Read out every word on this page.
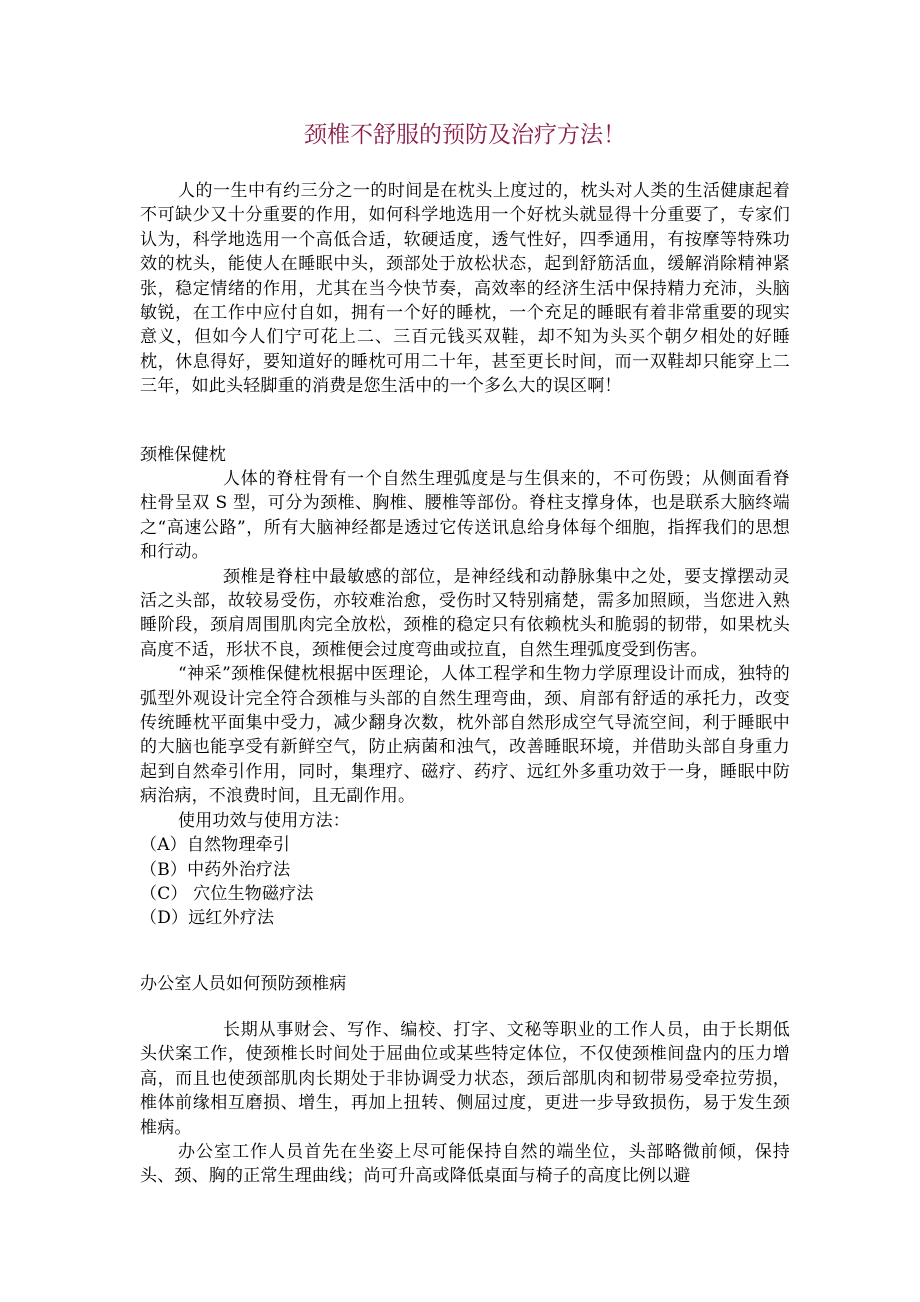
颈椎不舒服的预防及治疗方法！

人的一生中有约三分之一的时间是在枕头上度过的，枕头对人类的生活健康起着不可缺少又十分重要的作用，如何科学地选用一个好枕头就显得十分重要了，专家们认为，科学地选用一个高低合适，软硬适度，透气性好，四季通用，有按摩等特殊功效的枕头，能使人在睡眠中头，颈部处于放松状态，起到舒筋活血，缓解消除精神紧张，稳定情绪的作用，尤其在当今快节奏，高效率的经济生活中保持精力充沛，头脑敏锐，在工作中应付自如，拥有一个好的睡枕，一个充足的睡眠有着非常重要的现实意义，但如今人们宁可花上二、三百元钱买双鞋，却不知为头买个朝夕相处的好睡枕，休息得好，要知道好的睡枕可用二十年，甚至更长时间，而一双鞋却只能穿上二三年，如此头轻脚重的消费是您生活中的一个多么大的误区啊！

颈椎保健枕

人体的脊柱骨有一个自然生理弧度是与生俱来的，不可伤毁；从侧面看脊柱骨呈双 S 型，可分为颈椎、胸椎、腰椎等部份。脊柱支撑身体，也是联系大脑终端之“高速公路”，所有大脑神经都是透过它传送讯息给身体每个细胞，指挥我们的思想和行动。

颈椎是脊柱中最敏感的部位，是神经线和动静脉集中之处，要支撑摆动灵活之头部，故较易受伤，亦较难治愈，受伤时又特别痛楚，需多加照顾，当您进入熟睡阶段，颈肩周围肌肉完全放松，颈椎的稳定只有依赖枕头和脆弱的韧带，如果枕头高度不适，形状不良，颈椎便会过度弯曲或拉直，自然生理弧度受到伤害。

“神采”颈椎保健枕根据中医理论，人体工程学和生物力学原理设计而成，独特的弧型外观设计完全符合颈椎与头部的自然生理弯曲，颈、肩部有舒适的承托力，改变传统睡枕平面集中受力，减少翻身次数，枕外部自然形成空气导流空间，利于睡眠中的大脑也能享受有新鲜空气，防止病菌和浊气，改善睡眠环境，并借助头部自身重力起到自然牵引作用，同时，集理疗、磁疗、药疗、远红外多重功效于一身，睡眠中防病治病，不浪费时间，且无副作用。

使用功效与使用方法：

（A）自然物理牵引

（B）中药外治疗法

（C） 穴位生物磁疗法

（D）远红外疗法

办公室人员如何预防颈椎病

长期从事财会、写作、编校、打字、文秘等职业的工作人员，由于长期低头伏案工作，使颈椎长时间处于屈曲位或某些特定体位，不仅使颈椎间盘内的压力增高，而且也使颈部肌肉长期处于非协调受力状态，颈后部肌肉和韧带易受牵拉劳损，椎体前缘相互磨损、增生，再加上扭转、侧屈过度，更进一步导致损伤，易于发生颈椎病。

办公室工作人员首先在坐姿上尽可能保持自然的端坐位，头部略微前倾，保持头、颈、胸的正常生理曲线；尚可升高或降低桌面与椅子的高度比例以避
